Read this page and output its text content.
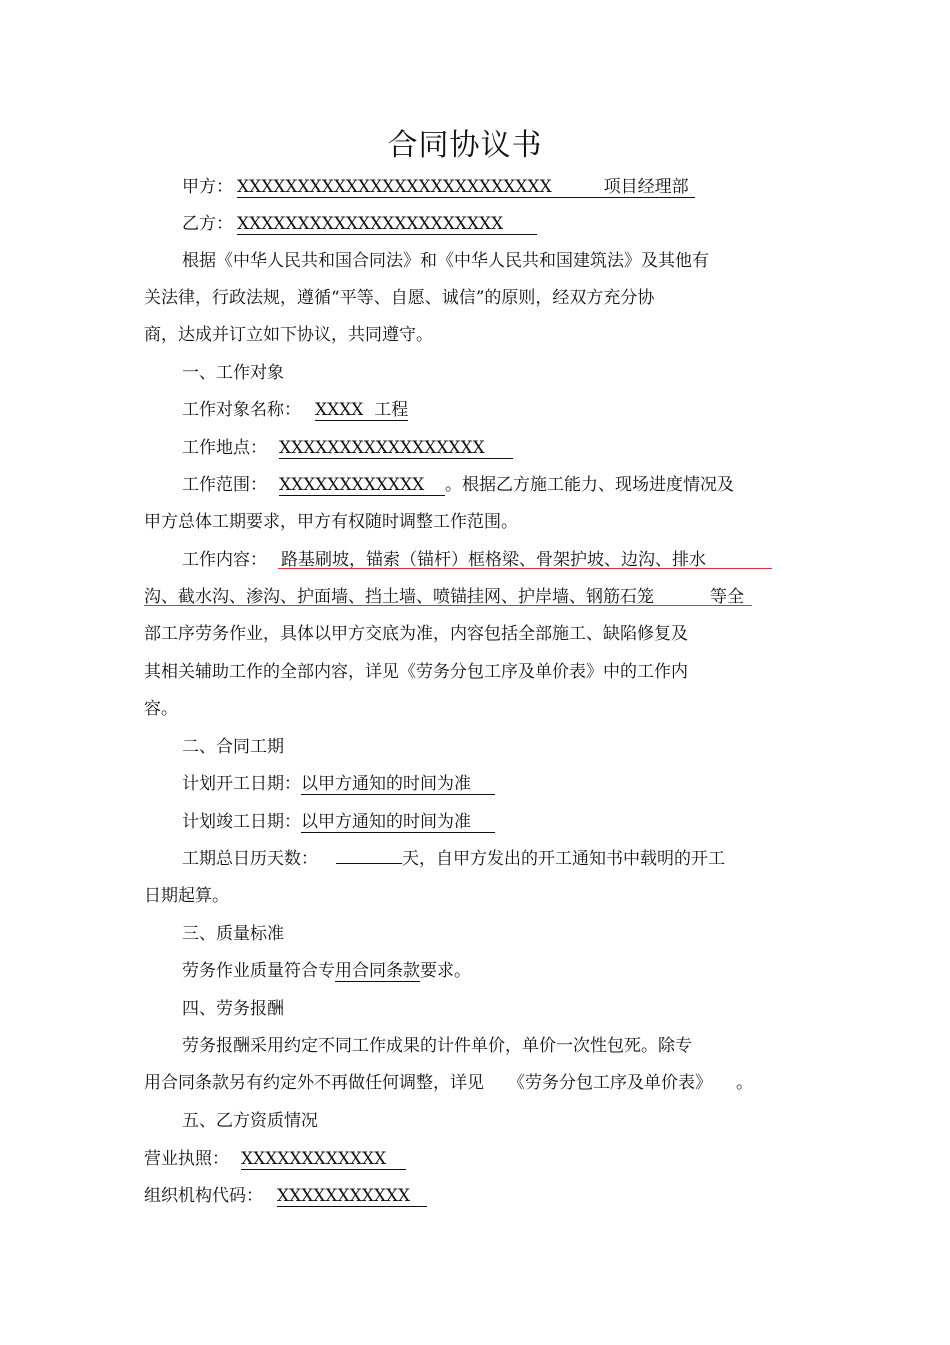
合同协议书
甲方： XXXXXXXXXXXXXXXXXXXXXXXXXX	项目经理部
乙方： XXXXXXXXXXXXXXXXXXXXXX
根据《中华人民共和国合同法》和《中华人民共和国建筑法》及其他有
关法律，行政法规，遵循“平等、自愿、诚信”的原则，经双方充分协
商，达成并订立如下协议，共同遵守。
一、工作对象
工作对象名称： XXXX  工程
工作地点： XXXXXXXXXXXXXXXXX
工作范围： XXXXXXXXXXXX 。根据乙方施工能力、现场进度情况及
甲方总体工期要求，甲方有权随时调整工作范围。
工作内容： 路基刷坡，锚索（锚杆）框格梁、骨架护坡、边沟、排水
沟、截水沟、渗沟、护面墙、挡土墙、喷锚挂网、护岸墙、钢筋石笼	等全
部工序劳务作业，具体以甲方交底为准，内容包括全部施工、缺陷修复及
其相关辅助工作的全部内容，详见《劳务分包工序及单价表》中的工作内
容。
二、合同工期
计划开工日期：以甲方通知的时间为准
计划竣工日期：以甲方通知的时间为准
工期总日历天数：	天，自甲方发出的开工通知书中载明的开工
日期起算。
三、质量标准
劳务作业质量符合专用合同条款要求。
四、劳务报酬
劳务报酬采用约定不同工作成果的计件单价，单价一次性包死。除专
用合同条款另有约定外不再做任何调整，详见 《劳务分包工序及单价表》 。
五、乙方资质情况
营业执照： XXXXXXXXXXXX
组织机构代码： XXXXXXXXXXX
